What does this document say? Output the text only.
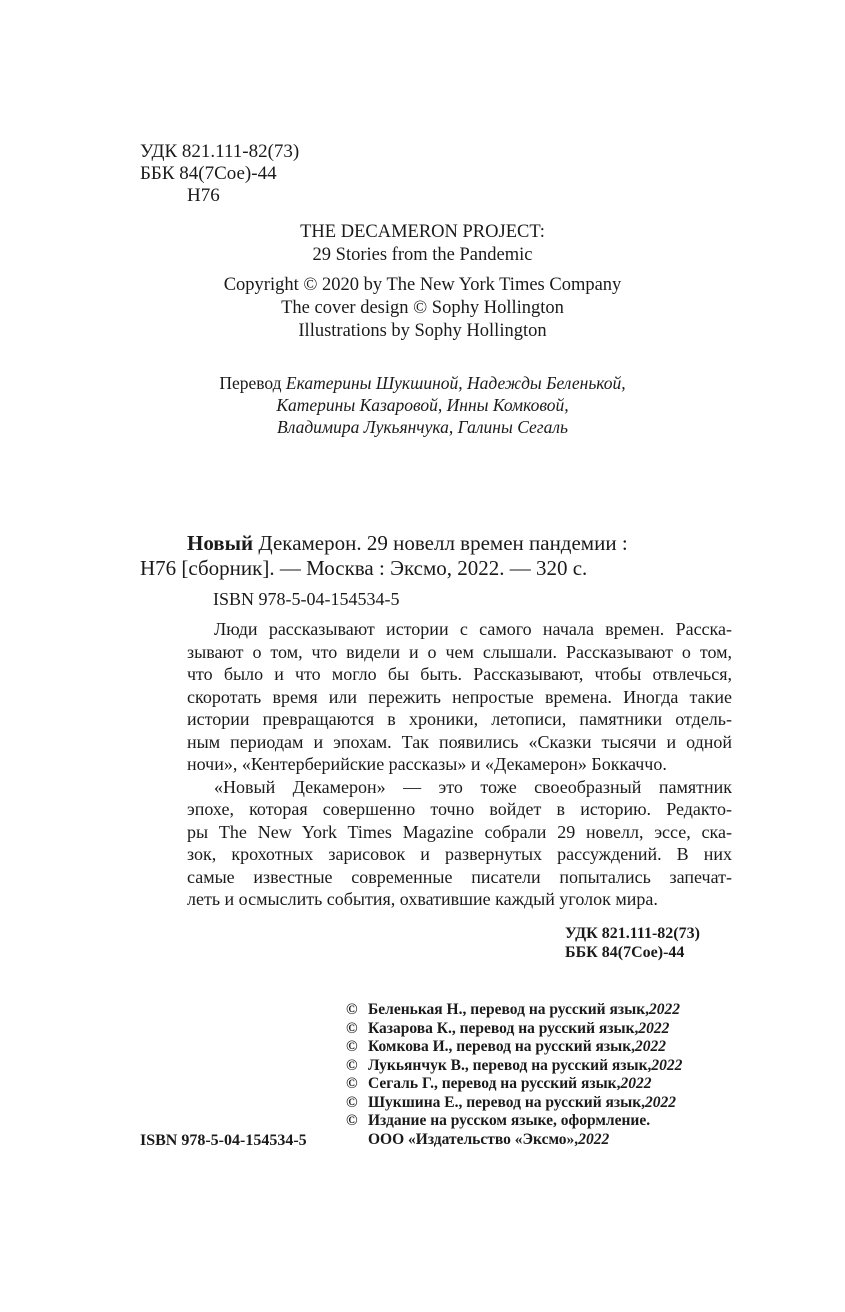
УДК 821.111-82(73)
ББК 84(7Сое)-44
Н76
THE DECAMERON PROJECT:
29 Stories from the Pandemic
Copyright © 2020 by The New York Times Company
The cover design © Sophy Hollington
Illustrations by Sophy Hollington
Перевод Екатерины Шукшиной, Надежды Беленькой,
Катерины Казаровой, Инны Комковой,
Владимира Лукьянчука, Галины Сегаль
Новый Декамерон. 29 новелл времен пандемии :
Н76 [сборник]. — Москва : Эксмо, 2022. — 320 с.
ISBN 978-5-04-154534-5

Люди рассказывают истории с самого начала времен. Расска-

зывают о том, что видели и о чем слышали. Рассказывают о том,

что было и что могло бы быть. Рассказывают, чтобы отвлечься,

скоротать время или пережить непростые времена. Иногда такие

истории превращаются в хроники, летописи, памятники отдель-

ным периодам и эпохам. Так появились «Сказки тысячи и одной

ночи», «Кентерберийские рассказы» и «Декамерон» Боккаччо.

«Новый Декамерон» — это тоже своеобразный памятник

эпохе, которая совершенно точно войдет в историю. Редакто-

ры The New York Times Magazine собрали 29 новелл, эссе, ска-

зок, крохотных зарисовок и развернутых рассуждений. В них

самые известные современные писатели попытались запечат-

леть и осмыслить события, охватившие каждый уголок мира.

УДК 821.111-82(73)
ББК 84(7Сое)-44
© Беленькая Н., перевод на русский язык, 2022
© Казарова К., перевод на русский язык, 2022
© Комкова И., перевод на русский язык, 2022
© Лукьянчук В., перевод на русский язык, 2022
© Сегаль Г., перевод на русский язык, 2022
© Шукшина Е., перевод на русский язык, 2022
© Издание на русском языке, оформление.
ООО «Издательство «Эксмо», 2022
ISBN 978-5-04-154534-5
